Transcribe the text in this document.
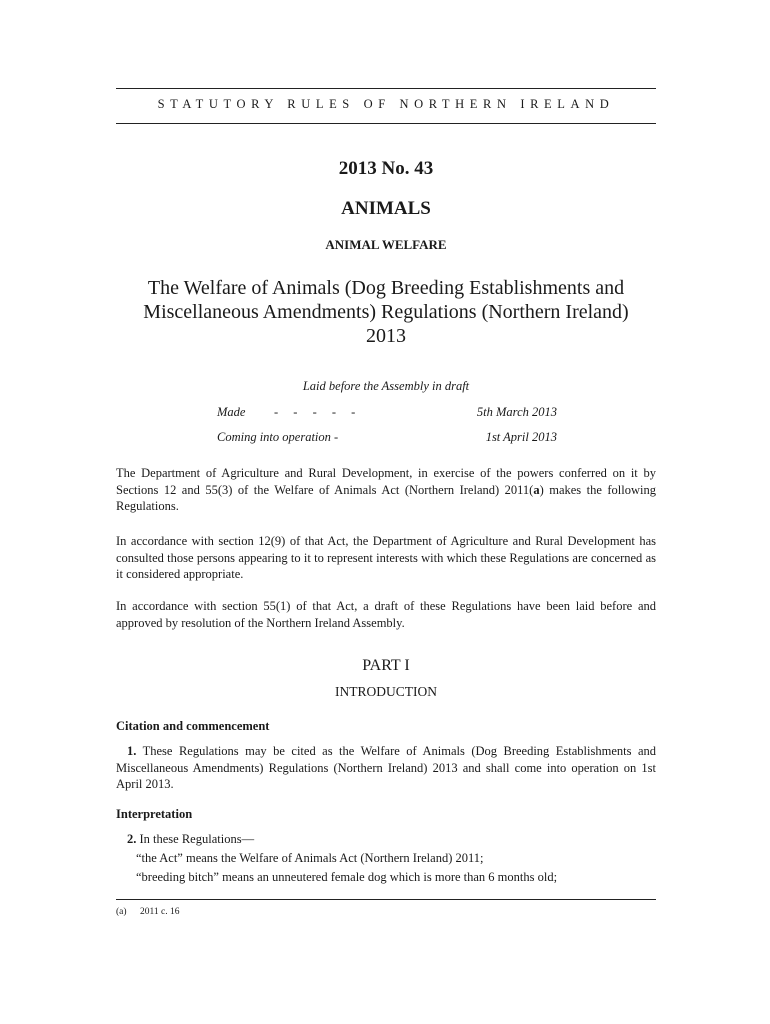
STATUTORY RULES OF NORTHERN IRELAND
2013 No. 43
ANIMALS
ANIMAL WELFARE
The Welfare of Animals (Dog Breeding Establishments and
Miscellaneous Amendments) Regulations (Northern Ireland)
2013
Laid before the Assembly in draft
Made - - - - -	5th March 2013
Coming into operation -	1st April 2013

The Department of Agriculture and Rural Development, in exercise of the powers conferred on it by Sections 12 and 55(3) of the Welfare of Animals Act (Northern Ireland) 2011(a) makes the following Regulations.

In accordance with section 12(9) of that Act, the Department of Agriculture and Rural Development has consulted those persons appearing to it to represent interests with which these Regulations are concerned as it considered appropriate.

In accordance with section 55(1) of that Act, a draft of these Regulations have been laid before and approved by resolution of the Northern Ireland Assembly.

PART I
INTRODUCTION
Citation and commencement

1. These Regulations may be cited as the Welfare of Animals (Dog Breeding Establishments and Miscellaneous Amendments) Regulations (Northern Ireland) 2013 and shall come into operation on 1st April 2013.

Interpretation

2. In these Regulations—

“the Act” means the Welfare of Animals Act (Northern Ireland) 2011;

“breeding bitch” means an unneutered female dog which is more than 6 months old;

(a) 2011 c. 16
